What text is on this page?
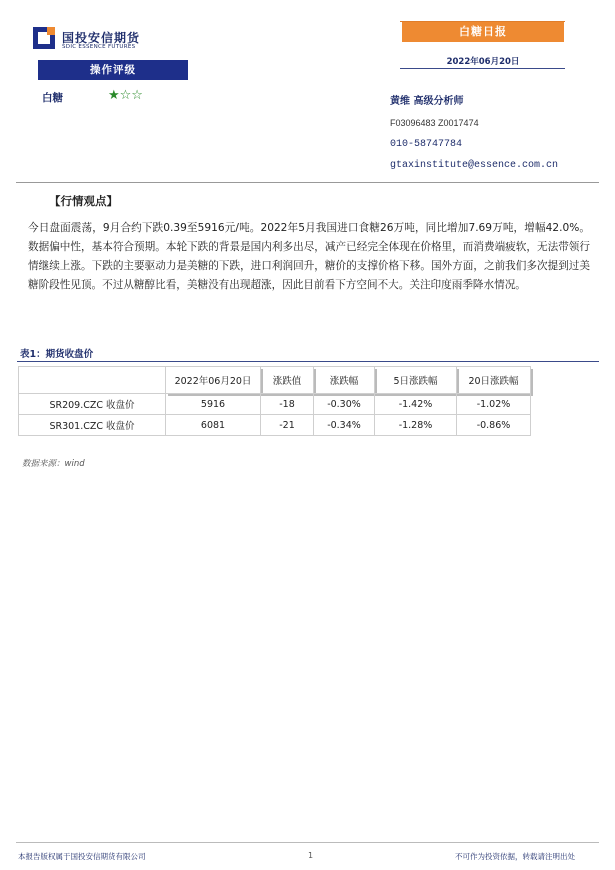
国投安信期货
SDIC ESSENCE FUTURES
白糖日报
2022年06月20日
操作评级
白糖	★☆☆	黄维 高级分析师
F03096483 Z0017474
010-58747784
gtaxinstitute@essence.com.cn
【行情观点】
今日盘面震荡，9月合约下跌0.39至5916元/吨。2022年5月我国进口食糖26万吨，同比增加7.69万吨，增幅42.0%。数据偏中性，基本符合预期。本轮下跌的背景是国内利多出尽，减产已经完全体现在价格里，而消费端疲软，无法带领行情继续上涨。下跌的主要驱动力是美糖的下跌，进口利润回升，糖价的支撑价格下移。国外方面，之前我们多次提到过美糖阶段性见顶。不过从糖醇比看，美糖没有出现超涨，因此目前看下方空间不大。关注印度雨季降水情况。
表1：期货收盘价
	2022年06月20日	涨跌值	涨跌幅	5日涨跌幅	20日涨跌幅
SR209.CZC 收盘价	5916	-18	-0.30%	-1.42%	-1.02%
SR301.CZC 收盘价	6081	-21	-0.34%	-1.28%	-0.86%
数据来源：wind
本报告版权属于国投安信期货有限公司	1	不可作为投资依据，转载请注明出处
